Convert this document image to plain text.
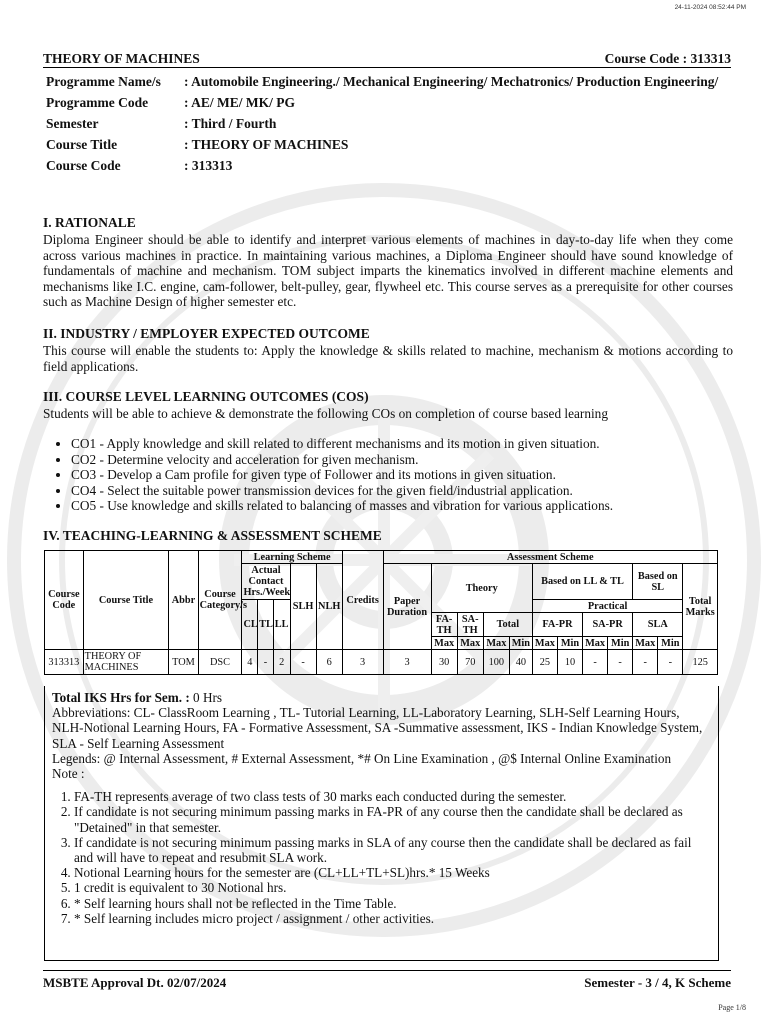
24-11-2024 08:52:44 PM
THEORY OF MACHINES	Course Code : 313313
Programme Name/s	: Automobile Engineering./ Mechanical Engineering/ Mechatronics/ Production Engineering/
Programme Code	: AE/ ME/ MK/ PG
Semester	: Third / Fourth
Course Title	: THEORY OF MACHINES
Course Code	: 313313
I. RATIONALE
Diploma Engineer should be able to identify and interpret various elements of machines in day-to-day life when they come across various machines in practice. In maintaining various machines, a Diploma Engineer should have sound knowledge of fundamentals of machine and mechanism. TOM subject imparts the kinematics involved in different machine elements and mechanisms like I.C. engine, cam-follower, belt-pulley, gear, flywheel etc. This course serves as a prerequisite for other courses such as Machine Design of higher semester etc.
II. INDUSTRY / EMPLOYER EXPECTED OUTCOME
This course will enable the students to: Apply the knowledge & skills related to machine, mechanism & motions according to field applications.
III. COURSE LEVEL LEARNING OUTCOMES (COS)
Students will be able to achieve & demonstrate the following COs on completion of course based learning
• CO1 - Apply knowledge and skill related to different mechanisms and its motion in given situation.
• CO2 - Determine velocity and acceleration for given mechanism.
• CO3 - Develop a Cam profile for given type of Follower and its motions in given situation.
• CO4 - Select the suitable power transmission devices for the given field/industrial application.
• CO5 - Use knowledge and skills related to balancing of masses and vibration for various applications.
IV. TEACHING-LEARNING & ASSESSMENT SCHEME
Course Code	Course Title	Abbr	Course Category/s	Learning Scheme					Credits	Assessment Scheme											
				Actual Contact Hrs./Week			SLH	NLH		Paper Duration	Theory				Based on LL & TL				Based on SL		Total Marks
				CL	TL	LL									Practical						
											FA-TH	SA-TH	Total		FA-PR		SA-PR		SLA		
											Max	Max	Max	Min	Max	Min	Max	Min	Max	Min	
313313	THEORY OF MACHINES	TOM	DSC	4	-	2	-	6	3	3	30	70	100	40	25	10	-	-	-	-	125

Total IKS Hrs for Sem. : 0 Hrs

Abbreviations: CL- ClassRoom Learning , TL- Tutorial Learning, LL-Laboratory Learning, SLH-Self Learning Hours, NLH-Notional Learning Hours, FA - Formative Assessment, SA -Summative assessment, IKS - Indian Knowledge System, SLA - Self Learning Assessment

Legends: @ Internal Assessment, # External Assessment, *# On Line Examination , @$ Internal Online Examination

Note :

1. FA-TH represents average of two class tests of 30 marks each conducted during the semester.
2. If candidate is not securing minimum passing marks in FA-PR of any course then the candidate shall be declared as "Detained" in that semester.
3. If candidate is not securing minimum passing marks in SLA of any course then the candidate shall be declared as fail and will have to repeat and resubmit SLA work.
4. Notional Learning hours for the semester are (CL+LL+TL+SL)hrs.* 15 Weeks
5. 1 credit is equivalent to 30 Notional hrs.
6. * Self learning hours shall not be reflected in the Time Table.
7. * Self learning includes micro project / assignment / other activities.
MSBTE Approval Dt. 02/07/2024	Semester - 3 / 4, K Scheme
Page 1/8
